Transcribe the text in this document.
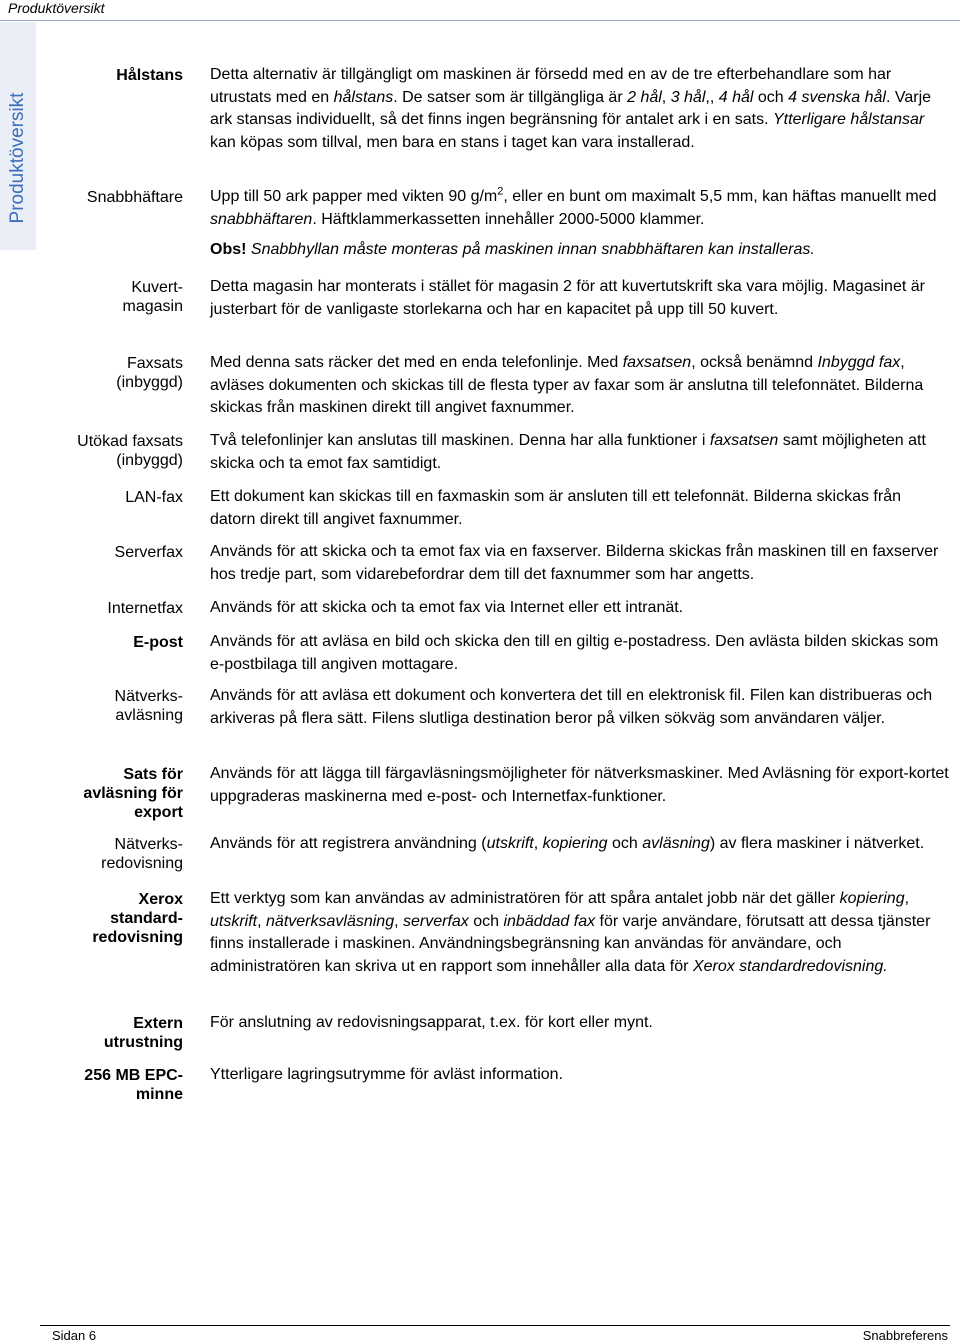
Produktöversikt
Produktöversikt
Hålstans Detta alternativ är tillgängligt om maskinen är försedd med en av de tre efterbehandlare som har utrustats med en hålstans. De satser som är tillgängliga är 2 hål, 3 hål,, 4 hål och 4 svenska hål. Varje ark stansas individuellt, så det finns ingen begränsning för antalet ark i en sats. Ytterligare hålstansar kan köpas som tillval, men bara en stans i taget kan vara installerad.
Snabbhäftare Upp till 50 ark papper med vikten 90 $g/m^2$, eller en bunt om maximalt 5,5 mm, kan häftas manuellt med snabbhäftaren. Häftklammerkassetten innehåller 2000-5000 klammer.
Obs! Snabbhyllan måste monteras på maskinen innan snabbhäftaren kan installeras.
Kuvert-
magasin
Detta magasin har monterats i stället för magasin 2 för att kuvertutskrift ska vara möjlig. Magasinet är justerbart för de vanligaste storlekarna och har en kapacitet på upp till 50 kuvert.
Faxsats
(inbyggd)
Med denna sats räcker det med en enda telefonlinje. Med faxsatsen, också benämnd Inbyggd fax, avläses dokumenten och skickas till de flesta typer av faxar som är anslutna till telefonnätet. Bilderna skickas från maskinen direkt till angivet faxnummer.
Utökad faxsats
(inbyggd)
Två telefonlinjer kan anslutas till maskinen. Denna har alla funktioner i faxsatsen samt möjligheten att skicka och ta emot fax samtidigt.
LAN-fax Ett dokument kan skickas till en faxmaskin som är ansluten till ett telefonnät. Bilderna skickas från datorn direkt till angivet faxnummer.
Serverfax Används för att skicka och ta emot fax via en faxserver. Bilderna skickas från maskinen till en faxserver hos tredje part, som vidarebefordrar dem till det faxnummer som har angetts.
Internetfax Används för att skicka och ta emot fax via Internet eller ett intranät.
E-post Används för att avläsa en bild och skicka den till en giltig e-postadress. Den avlästa bilden skickas som e-postbilaga till angiven mottagare.
Nätverks-
avläsning
Används för att avläsa ett dokument och konvertera det till en elektronisk fil. Filen kan distribueras och arkiveras på flera sätt. Filens slutliga destination beror på vilken sökväg som användaren väljer.
Sats för
avläsning för
export
Används för att lägga till färgavläsningsmöjligheter för nätverksmaskiner. Med Avläsning för export-kortet uppgraderas maskinerna med e-post- och Internetfax-funktioner.
Nätverks-
redovisning
Används för att registrera användning (utskrift, kopiering och avläsning) av flera maskiner i nätverket.
Xerox
standard-
redovisning
Ett verktyg som kan användas av administratören för att spåra antalet jobb när det gäller kopiering, utskrift, nätverksavläsning, serverfax och inbäddad fax för varje användare, förutsatt att dessa tjänster finns installerade i maskinen. Användningsbegränsning kan användas för användare, och administratören kan skriva ut en rapport som innehåller alla data för Xerox standardredovisning.
Extern
utrustning
För anslutning av redovisningsapparat, t.ex. för kort eller mynt.
256 MB EPC-
minne
Ytterligare lagringsutrymme för avläst information.
Sidan 6	Snabbreferens
